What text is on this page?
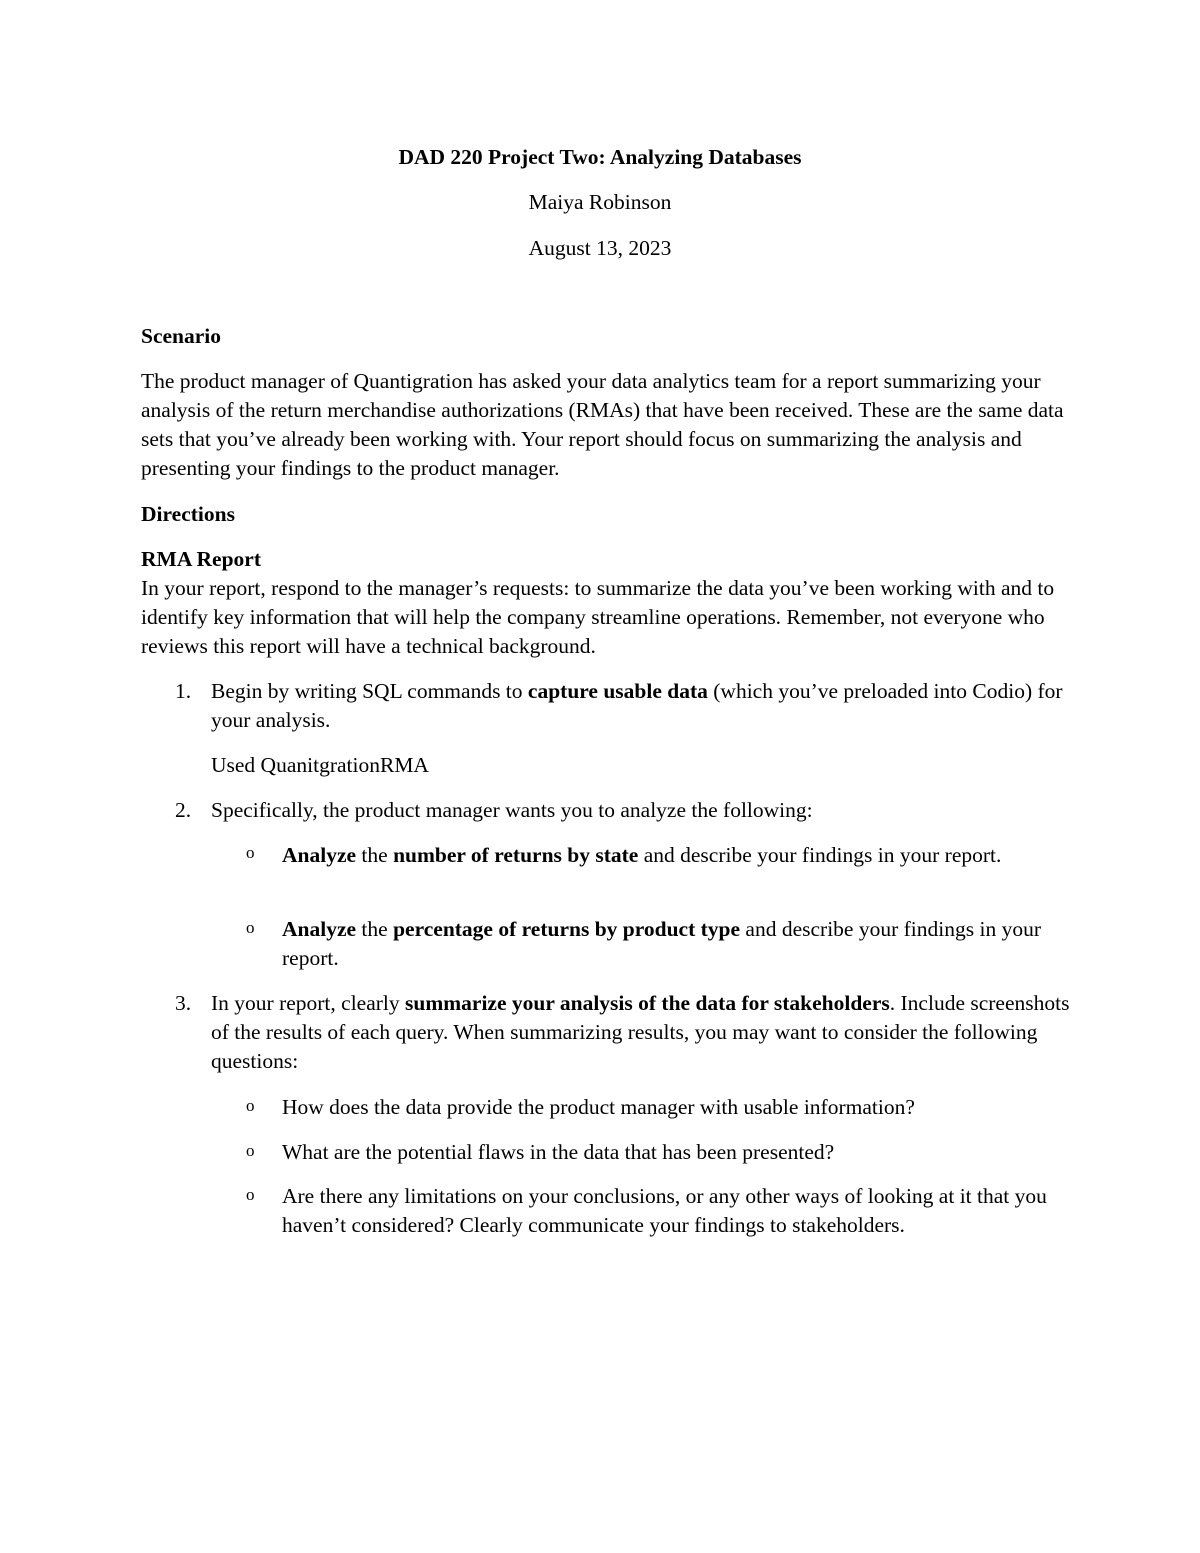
DAD 220 Project Two: Analyzing Databases
Maiya Robinson
August 13, 2023
Scenario
The product manager of Quantigration has asked your data analytics team for a report summarizing your analysis of the return merchandise authorizations (RMAs) that have been received. These are the same data sets that you’ve already been working with. Your report should focus on summarizing the analysis and presenting your findings to the product manager.
Directions
RMA Report
In your report, respond to the manager’s requests: to summarize the data you’ve been working with and to identify key information that will help the company streamline operations. Remember, not everyone who reviews this report will have a technical background.
1. Begin by writing SQL commands to capture usable data (which you’ve preloaded into Codio) for your analysis.
Used QuanitgrationRMA
2. Specifically, the product manager wants you to analyze the following:
o	Analyze the number of returns by state and describe your findings in your report.
o	Analyze the percentage of returns by product type and describe your findings in your report.
3. In your report, clearly summarize your analysis of the data for stakeholders. Include screenshots of the results of each query. When summarizing results, you may want to consider the following questions:
o	How does the data provide the product manager with usable information?
o	What are the potential flaws in the data that has been presented?
o	Are there any limitations on your conclusions, or any other ways of looking at it that you haven’t considered? Clearly communicate your findings to stakeholders.
